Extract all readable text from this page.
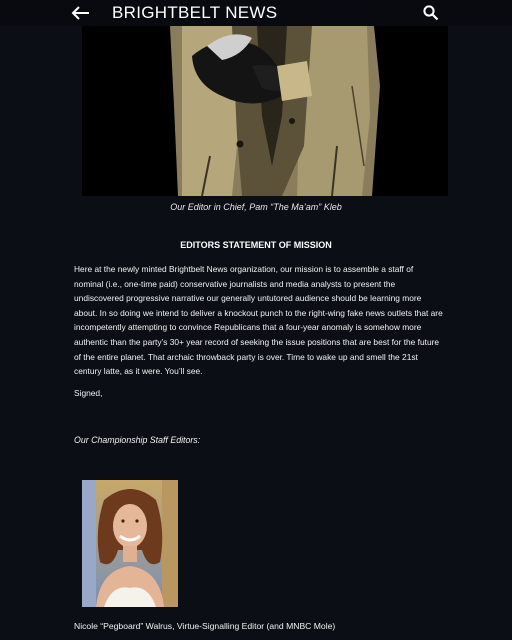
BRIGHTBELT NEWS
Our Editor in Chief, Pam “The Ma’am” Kleb
EDITORS STATEMENT OF MISSION

Here at the newly minted Brightbelt News organization, our mission is to assemble a staff of nominal (i.e., one-time paid) conservative journalists and media analysts to present the undiscovered progressive narrative our generally untutored audience should be learning more about. In so doing we intend to deliver a knockout punch to the right-wing fake news outlets that are incompetently attempting to convince Republicans that a four-year anomaly is somehow more authentic than the party’s 30+ year record of seeking the issue positions that are best for the future of the entire planet. That archaic throwback party is over. Time to wake up and smell the 21st century latte, as it were. You’ll see.

Signed,
Our Championship Staff Editors:
Nicole “Pegboard” Walrus, Virtue-Signalling Editor (and MNBC Mole)
